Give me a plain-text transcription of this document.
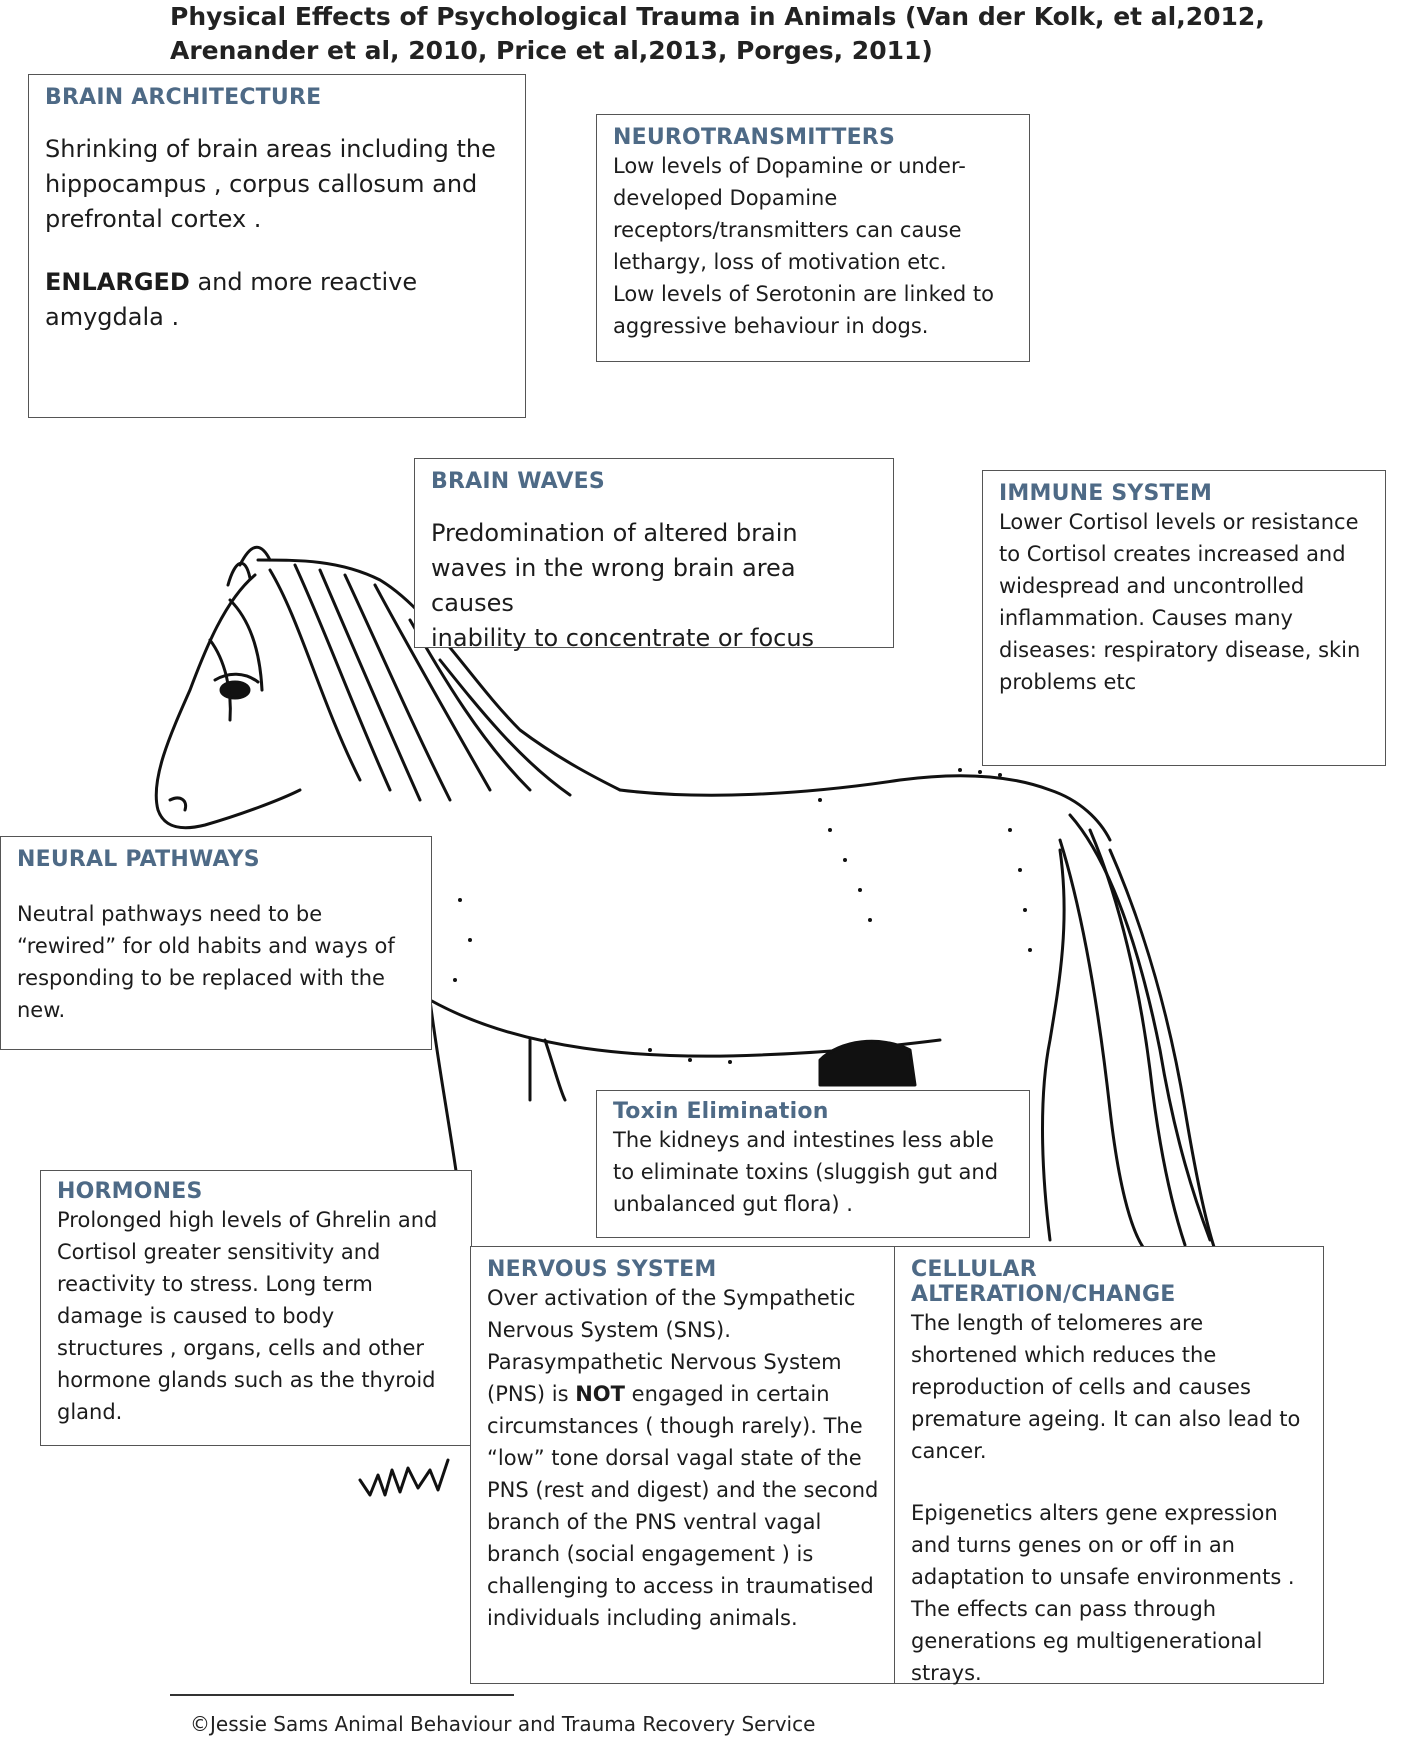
Physical Effects of Psychological Trauma in Animals (Van der Kolk, et al,2012,
Arenander et al, 2010, Price et al,2013, Porges, 2011)
BRAIN ARCHITECTURE
Shrinking of brain areas including the
hippocampus , corpus callosum and
prefrontal cortex .
ENLARGED and more reactive
amygdala .
NEUROTRANSMITTERS
Low levels of Dopamine or under-
developed Dopamine
receptors/transmitters can cause
lethargy, loss of motivation etc.
Low levels of Serotonin are linked to
aggressive behaviour in dogs.
BRAIN WAVES
Predomination of altered brain
waves in the wrong brain area causes
inability to concentrate or focus
IMMUNE SYSTEM
Lower Cortisol levels or resistance
to Cortisol creates increased and
widespread and uncontrolled
inflammation. Causes many
diseases: respiratory disease, skin
problems etc
NEURAL PATHWAYS
Neutral pathways need to be
“rewired” for old habits and ways of
responding to be replaced with the
new.
Toxin Elimination
The kidneys and intestines less able
to eliminate toxins (sluggish gut and
unbalanced gut flora) .
HORMONES
Prolonged high levels of Ghrelin and
Cortisol greater sensitivity and
reactivity to stress. Long term
damage is caused to body
structures , organs, cells and other
hormone glands such as the thyroid
gland.
NERVOUS SYSTEM
Over activation of the Sympathetic
Nervous System (SNS).
Parasympathetic Nervous System
(PNS) is NOT engaged in certain
circumstances ( though rarely). The
“low” tone dorsal vagal state of the
PNS (rest and digest) and the second
branch of the PNS ventral vagal
branch (social engagement ) is
challenging to access in traumatised
individuals including animals.
CELLULAR ALTERATION/CHANGE
The length of telomeres are
shortened which reduces the
reproduction of cells and causes
premature ageing. It can also lead to
cancer.
Epigenetics alters gene expression
and turns genes on or off in an
adaptation to unsafe environments .
The effects can pass through
generations eg multigenerational
strays.
©Jessie Sams Animal Behaviour and Trauma Recovery Service
